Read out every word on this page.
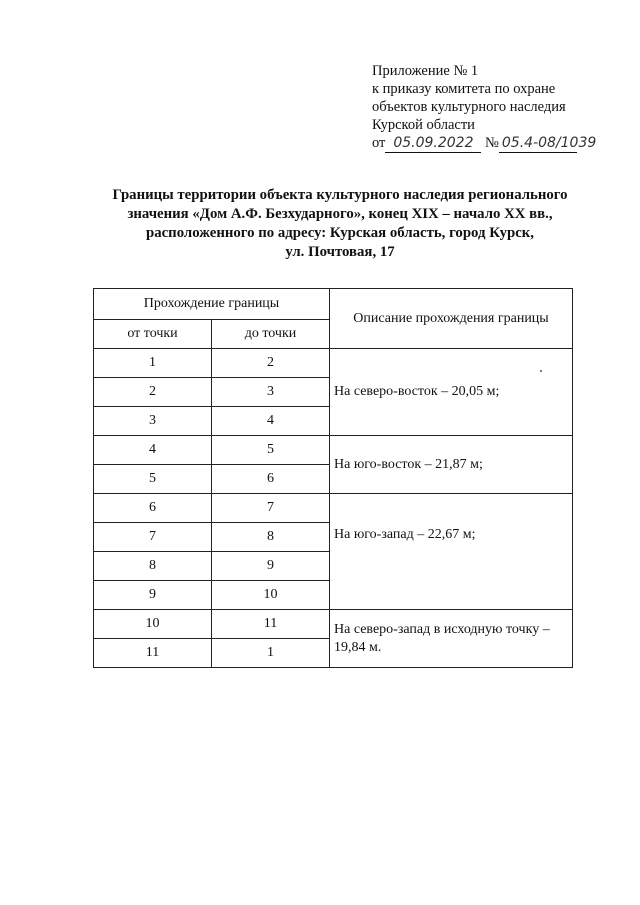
Приложение № 1
к приказу комитета по охране
объектов культурного наследия
Курской области
от 05.09.2022 № 05.4-08/1039
Границы территории объекта культурного наследия регионального
значения «Дом А.Ф. Безхударного», конец XIX – начало XX вв.,
расположенного по адресу: Курская область, город Курск,
ул. Почтовая, 17
Прохождение границы		Описание прохождения границы
от точки	до точки	
1	2	На северо-восток – 20,05 м;
2	3	
3	4	
4	5	На юго-восток – 21,87 м;
5	6	
6	7	На юго-запад – 22,67 м;
7	8	
8	9	
9	10	
10	11	На северо-запад в исходную точку – 19,84 м.
11	1	
